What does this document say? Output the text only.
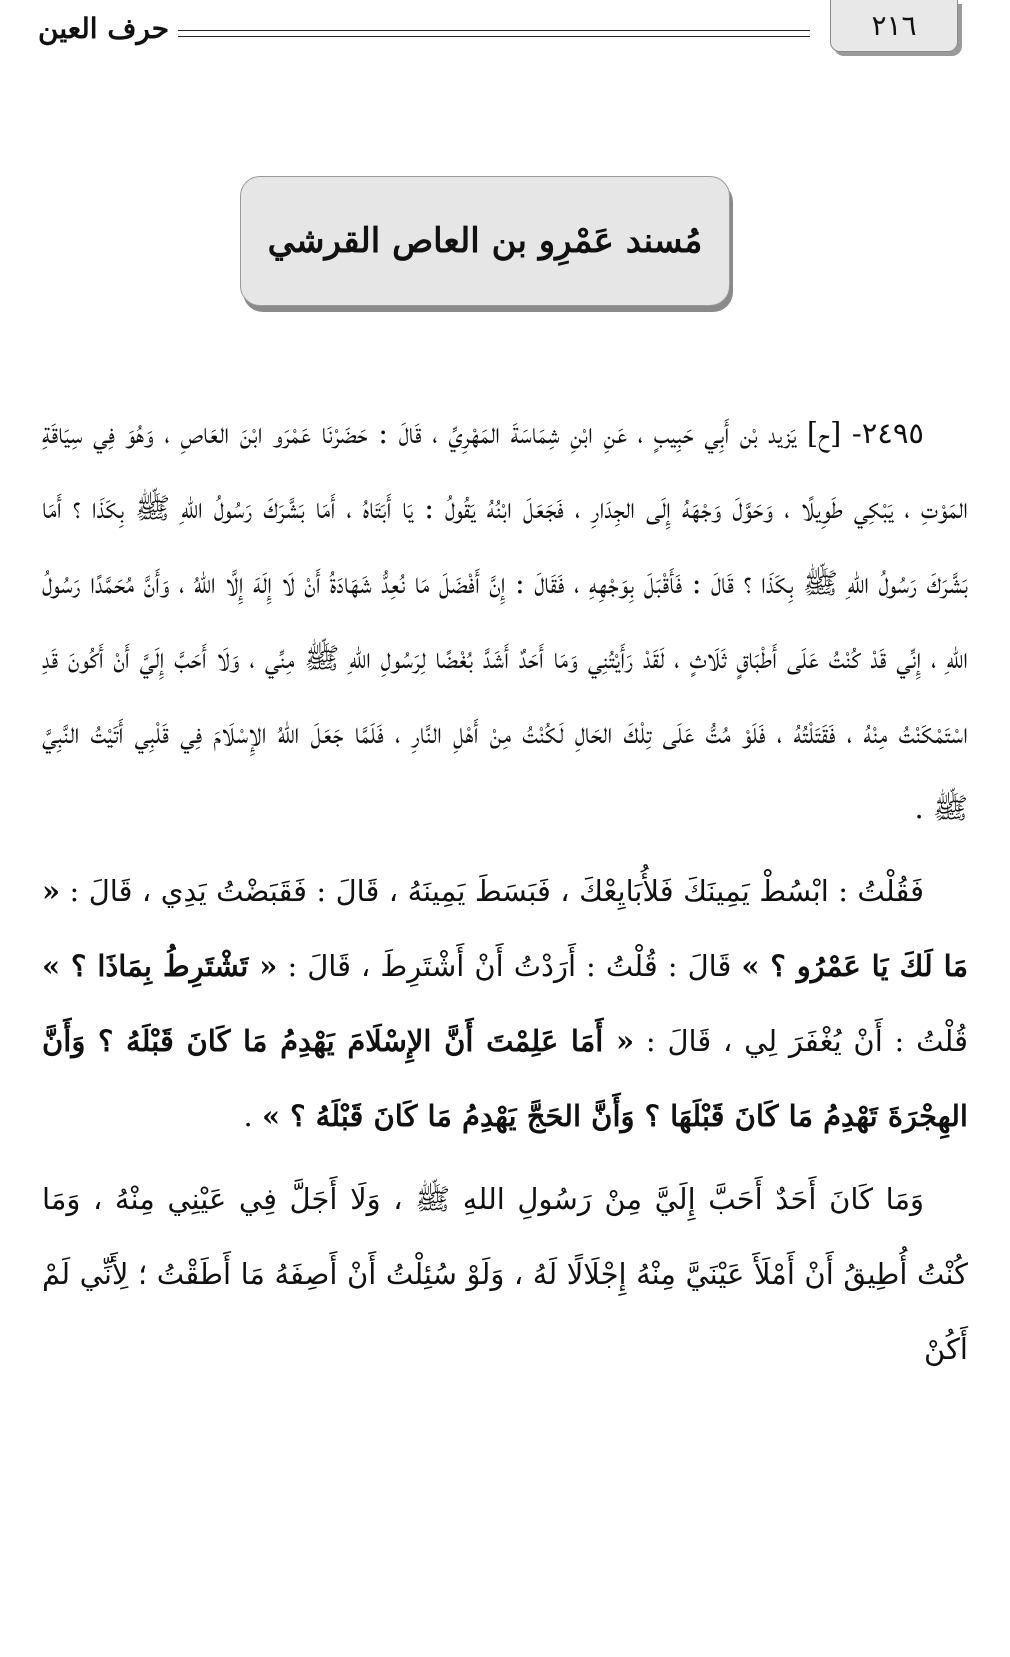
٢١٦
حرف العين
مُسند عَمْرِو بن العاص القرشي

٢٤٩٥- [ح] يَزيد بْن أَبِي حَبِيبٍ ، عَنِ ابْنِ شِمَاسَةَ المَهْرِيِّ ، قَالَ : حَضَرْنَا عَمْرَو ابْنَ العَاصِ ، وَهُوَ فِي سِيَاقَةِ المَوْتِ ، يَبْكِي طَوِيلًا ، وَحَوَّلَ وَجْهَهُ إِلَى الجِدَارِ ، فَجَعَلَ ابْنُهُ يَقُولُ : يَا أَبَتَاهُ ، أَمَا بَشَّرَكَ رَسُولُ اللهِ ﷺ بِكَذَا ؟ أَمَا بَشَّرَكَ رَسُولُ اللهِ ﷺ بِكَذَا ؟ قَالَ : فَأَقْبَلَ بِوَجْهِهِ ، فَقَالَ : إِنَّ أَفْضَلَ مَا نُعِدُّ شَهَادَةُ أَنْ لَا إِلَهَ إِلَّا اللهُ ، وَأَنَّ مُحَمَّدًا رَسُولُ اللهِ ، إِنِّي قَدْ كُنْتُ عَلَى أَطْبَاقٍ ثَلَاثٍ ، لَقَدْ رَأَيْتُنِي وَمَا أَحَدٌ أَشَدَّ بُغْضًا لِرَسُولِ اللهِ ﷺ مِنِّي ، وَلَا أَحَبَّ إِلَيَّ أَنْ أَكُونَ قَدِ اسْتَمْكَنْتُ مِنْهُ ، فَقَتَلْتُهُ ، فَلَوْ مُتُّ عَلَى تِلْكَ الحَالِ لَكُنْتُ مِنْ أَهْلِ النَّارِ ، فَلَمَّا جَعَلَ اللهُ الإِسْلَامَ فِي قَلْبِي أَتَيْتُ النَّبِيَّ ﷺ .

فَقُلْتُ : ابْسُطْ يَمِينَكَ فَلأُبَايِعْكَ ، فَبَسَطَ يَمِينَهُ ، قَالَ : فَقَبَضْتُ يَدِي ، قَالَ : « مَا لَكَ يَا عَمْرُو ؟ » قَالَ : قُلْتُ : أَرَدْتُ أَنْ أَشْتَرِطَ ، قَالَ : « تَشْتَرِطُ بِمَاذَا ؟ » قُلْتُ : أَنْ يُغْفَرَ لِي ، قَالَ : « أَمَا عَلِمْتَ أَنَّ الإِسْلَامَ يَهْدِمُ مَا كَانَ قَبْلَهُ ؟ وَأَنَّ الهِجْرَةَ تَهْدِمُ مَا كَانَ قَبْلَهَا ؟ وَأَنَّ الحَجَّ يَهْدِمُ مَا كَانَ قَبْلَهُ ؟ » .

وَمَا كَانَ أَحَدٌ أَحَبَّ إِلَيَّ مِنْ رَسُولِ اللهِ ﷺ ، وَلَا أَجَلَّ فِي عَيْنِي مِنْهُ ، وَمَا كُنْتُ أُطِيقُ أَنْ أَمْلَأَ عَيْنَيَّ مِنْهُ إِجْلَالًا لَهُ ، وَلَوْ سُئِلْتُ أَنْ أَصِفَهُ مَا أَطَقْتُ ؛ لِأَنِّي لَمْ أَكُنْ
